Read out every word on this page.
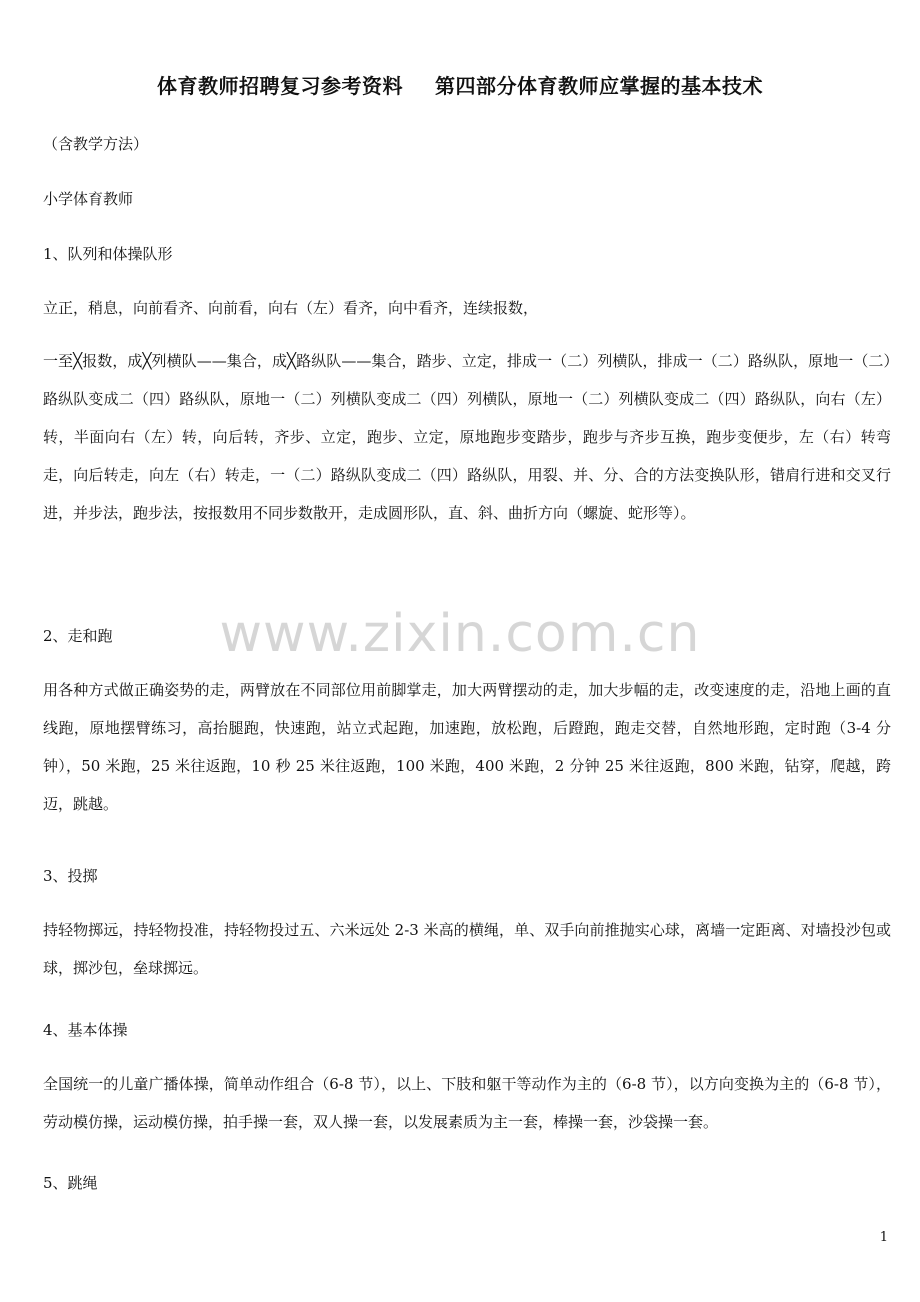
体育教师招聘复习参考资料 第四部分体育教师应掌握的基本技术
（含教学方法）
小学体育教师
1、队列和体操队形
立正，稍息，向前看齐、向前看，向右（左）看齐，向中看齐，连续报数，
一至╳报数，成╳列横队——集合，成╳路纵队——集合，踏步、立定，排成一（二）列横队，排成一（二）路纵队，原地一（二）路纵队变成二（四）路纵队，原地一（二）列横队变成二（四）列横队，原地一（二）列横队变成二（四）路纵队，向右（左）转，半面向右（左）转，向后转，齐步、立定，跑步、立定，原地跑步变踏步，跑步与齐步互换，跑步变便步，左（右）转弯走，向后转走，向左（右）转走，一（二）路纵队变成二（四）路纵队，用裂、并、分、合的方法变换队形，错肩行进和交叉行进，并步法，跑步法，按报数用不同步数散开，走成圆形队，直、斜、曲折方向（螺旋、蛇形等）。
2、走和跑
用各种方式做正确姿势的走，两臂放在不同部位用前脚掌走，加大两臂摆动的走，加大步幅的走，改变速度的走，沿地上画的直线跑，原地摆臂练习，高抬腿跑，快速跑，站立式起跑，加速跑，放松跑，后蹬跑，跑走交替，自然地形跑，定时跑（3-4 分钟），50 米跑，25 米往返跑，10 秒 25 米往返跑，100 米跑，400 米跑，2 分钟 25 米往返跑，800 米跑，钻穿，爬越，跨迈，跳越。
3、投掷
持轻物掷远，持轻物投准，持轻物投过五、六米远处 2-3 米高的横绳，单、双手向前推抛实心球，离墙一定距离、对墙投沙包或球，掷沙包，垒球掷远。
4、基本体操
全国统一的儿童广播体操，简单动作组合（6-8 节），以上、下肢和躯干等动作为主的（6-8 节），以方向变换为主的（6-8 节），劳动模仿操，运动模仿操，拍手操一套，双人操一套，以发展素质为主一套，棒操一套，沙袋操一套。
5、跳绳
www.zixin.com.cn
1
